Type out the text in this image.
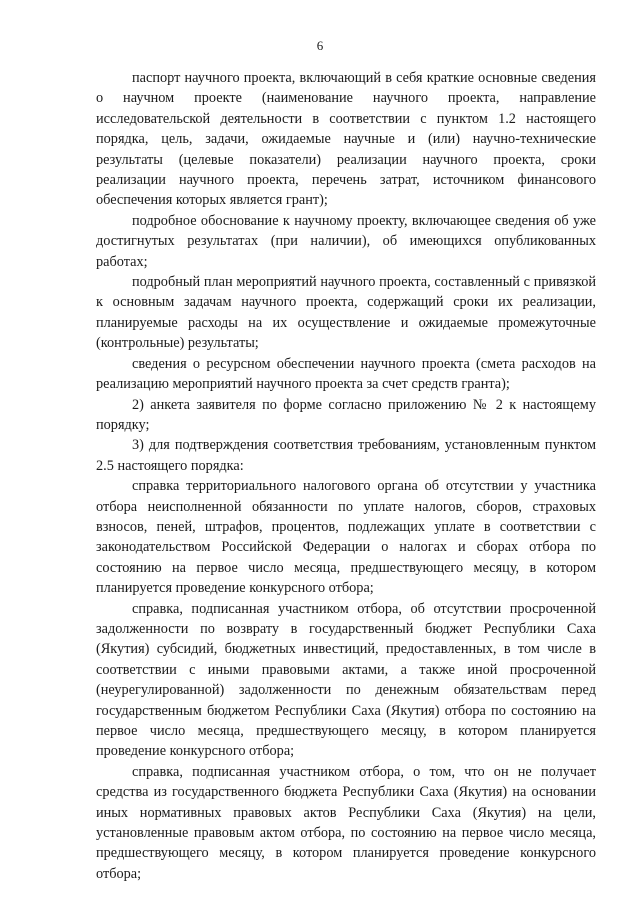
6

паспорт научного проекта, включающий в себя краткие основные сведения о научном проекте (наименование научного проекта, направление исследовательской деятельности в соответствии с пунктом 1.2 настоящего порядка, цель, задачи, ожидаемые научные и (или) научно-технические результаты (целевые показатели) реализации научного проекта, сроки реализации научного проекта, перечень затрат, источником финансового обеспечения которых является грант);

подробное обоснование к научному проекту, включающее сведения об уже достигнутых результатах (при наличии), об имеющихся опубликованных работах;

подробный план мероприятий научного проекта, составленный с привязкой к основным задачам научного проекта, содержащий сроки их реализации, планируемые расходы на их осуществление и ожидаемые промежуточные (контрольные) результаты;

сведения о ресурсном обеспечении научного проекта (смета расходов на реализацию мероприятий научного проекта за счет средств гранта);

2) анкета заявителя по форме согласно приложению № 2 к настоящему порядку;

3) для подтверждения соответствия требованиям, установленным пунктом 2.5 настоящего порядка:

справка территориального налогового органа об отсутствии у участника отбора неисполненной обязанности по уплате налогов, сборов, страховых взносов, пеней, штрафов, процентов, подлежащих уплате в соответствии с законодательством Российской Федерации о налогах и сборах отбора по состоянию на первое число месяца, предшествующего месяцу, в котором планируется проведение конкурсного отбора;

справка, подписанная участником отбора, об отсутствии просроченной задолженности по возврату в государственный бюджет Республики Саха (Якутия) субсидий, бюджетных инвестиций, предоставленных, в том числе в соответствии с иными правовыми актами, а также иной просроченной (неурегулированной) задолженности по денежным обязательствам перед государственным бюджетом Республики Саха (Якутия) отбора по состоянию на первое число месяца, предшествующего месяцу, в котором планируется проведение конкурсного отбора;

справка, подписанная участником отбора, о том, что он не получает средства из государственного бюджета Республики Саха (Якутия) на основании иных нормативных правовых актов Республики Саха (Якутия) на цели, установленные правовым актом отбора, по состоянию на первое число месяца, предшествующего месяцу, в котором планируется проведение конкурсного отбора;
